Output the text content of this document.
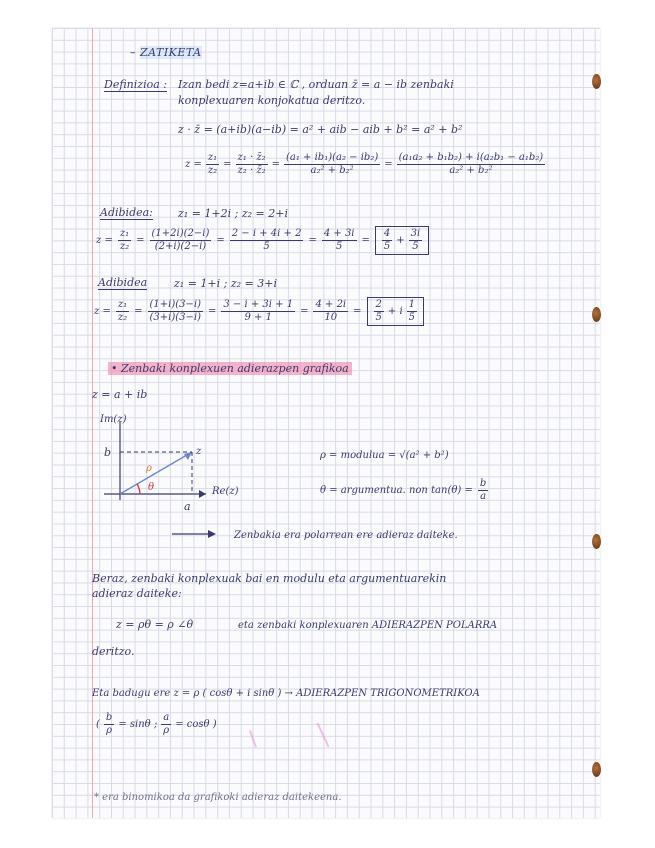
– ZATIKETA
Definizioa : Izan bedi z=a+ib ∈ ℂ , orduan z̄ = a − ib zenbaki
konplexuaren konjokatua deritzo.
z · z̄ = (a+ib)(a−ib) = a² + aib − aib + b² = a² + b²
$z = \frac{\text{z₁}}{\text{z₂}} = \frac{\text{z₁ · z̄₂}}{\text{z₂ · z̄₂}} = \frac{\text{(a₁ + ib₁)(a₂ − ib₂)}}{\text{a₂² + b₂²}} = \frac{\text{(a₁a₂ + b₁b₂) + i(a₂b₁ − a₁b₂)}}{\text{a₂² + b₂²}}$
Adibidea: z₁ = 1+2i ; z₂ = 2+i
$z = \frac{\text{z₁}}{\text{z₂}} = \frac{(1+2i)(2-i)}{(2+i)(2-i)} = \frac{2 - i + 4i + 2}{5} = \frac{4 + 3i}{5} = \frac{4}{5} + \frac{3i}{5}$
Adibidea z₁ = 1+i ; z₂ = 3+i
$z = \frac{\text{z₁}}{\text{z₂}} = \frac{(1+i)(3-i)}{(3+i)(3-i)} = \frac{3 - i + 3i + 1}{9 + 1} = \frac{4 + 2i}{10} = \frac{2}{5} + i \frac{1}{5}$
• Zenbaki konplexuen adierazpen grafikoa
z = a + ib
Im(z)
b	z
ρ
θ	Re(z)
a
ρ = modulua = √(a² + b²)
θ = argumentua. non $\tan(\theta) = \frac{b}{a}$
Zenbakia era polarrean ere adieraz daiteke.
Beraz, zenbaki konplexuak bai en modulu eta argumentuarekin
adieraz daiteke:
z = ρθ = ρ ∠θ	eta zenbaki konplexuaren ADIERAZPEN POLARRA
deritzo.
Eta badugu ere z = ρ ( cosθ + i sinθ ) → ADIERAZPEN TRIGONOMETRIKOA
( $\frac{b}{\rho} = \sin\theta$ ; $\frac{a}{\rho} = \cos\theta$ )
* era binomikoa da grafikoki adieraz daitekeena.
